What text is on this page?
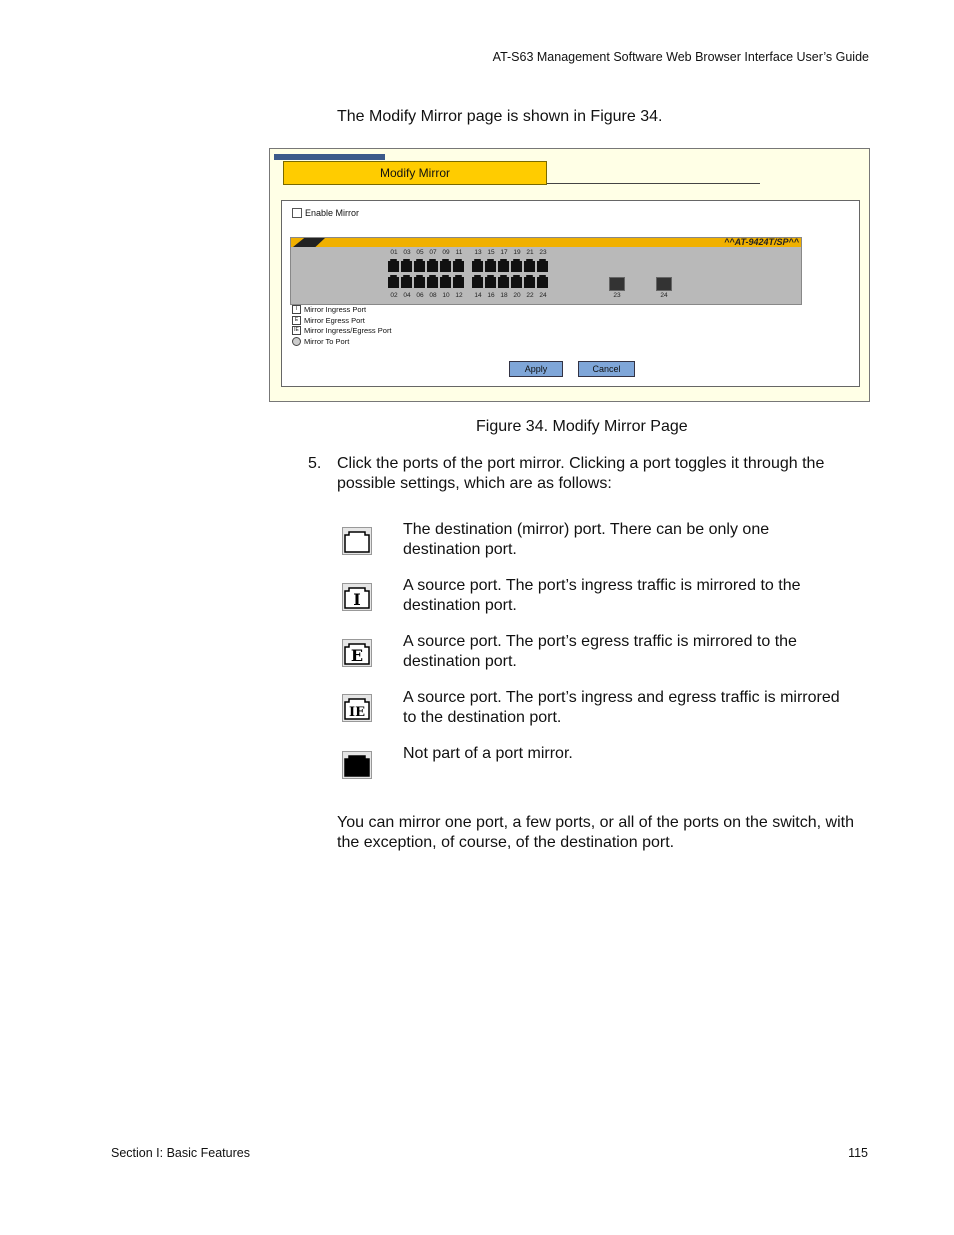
AT-S63 Management Software Web Browser Interface User’s Guide
The Modify Mirror page is shown in Figure 34.
Modify Mirror
Enable Mirror
^^AT-9424T/SP^^
01
02
03
04
05
06
07
08
09
10
11
12
13
14
15
16
17
18
19
20
21
22
23
24	23	24
I Mirror Ingress Port
E Mirror Egress Port
IE Mirror Ingress/Egress Port
Mirror To Port
Apply	Cancel
Figure 34. Modify Mirror Page
5. Click the ports of the port mirror. Clicking a port toggles it through the possible settings, which are as follows:
The destination (mirror) port. There can be only one destination port.
I
A source port. The port’s ingress traffic is mirrored to the destination port.
E
A source port. The port’s egress traffic is mirrored to the destination port.
IE
A source port. The port’s ingress and egress traffic is mirrored to the destination port.
Not part of a port mirror.
You can mirror one port, a few ports, or all of the ports on the switch, with the exception, of course, of the destination port.
Section I: Basic Features	115
